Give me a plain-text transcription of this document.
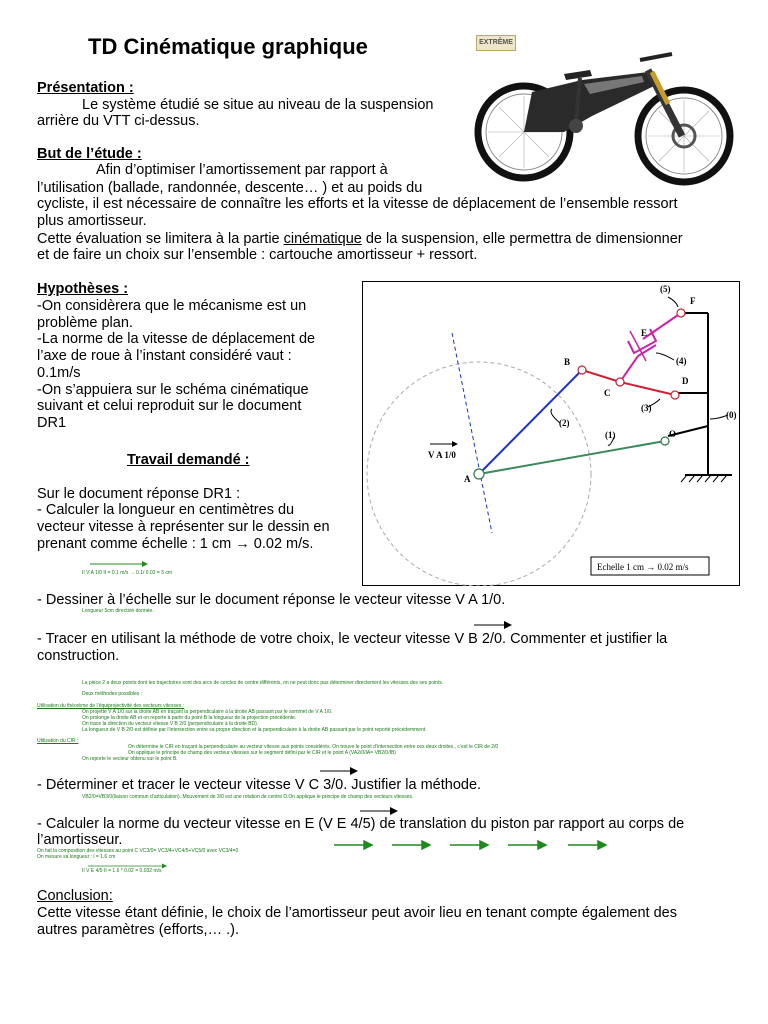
TD Cinématique graphique	EXTRÊME
Présentation :
Le système étudié se situe au niveau de la suspension
arrière du VTT ci-dessus.
But de l’étude :
Afin d’optimiser l’amortissement par rapport à
l’utilisation (ballade, randonnée, descente… ) et au poids du
cycliste, il est nécessaire de connaître les efforts et la vitesse de déplacement de l’ensemble ressort
plus amortisseur.
Cette évaluation se limitera à la partie cinématique de la suspension, elle permettra de dimensionner
et de faire un choix sur l’ensemble : cartouche amortisseur + ressort.
Hypothèses :
-On considèrera que le mécanisme est un
problème plan.
-La norme de la vitesse de déplacement de
l’axe de roue à l’instant considéré vaut :
0.1m/s
-On s’appuiera sur le schéma cinématique
suivant et celui reproduit sur le document
DR1
Travail demandé :
Sur le document réponse DR1 :
- Calculer la longueur en centimètres du
vecteur vitesse à représenter sur le dessin en
prenant comme échelle : 1 cm → 0.02 m/s.
II V A 1/0 II = 0.1 m/s → 0.1/ 0.02 = 5 cm
- Dessiner à l’échelle sur le document réponse le vecteur vitesse V A 1/0.
Longueur 5cm direction donnée.
- Tracer en utilisant la méthode de votre choix, le vecteur vitesse V B 2/0. Commenter et justifier la
construction.
La pièce 2 a deux points dont les trajectoires sont des arcs de cercles de centre différents, on ne peut donc pas déterminer directement les vitesses des ses points.
Deux méthodes possibles :
Utilisation du théorème de l’équiprojectivité des vecteurs vitesses :
On projette V A 1/0 sur la droite AB en traçant la perpendiculaire à la droite AB passant par le sommet de V A 1/0.
On prolonge la droite AB et on reporte à partir du point B la longueur de la projection précédente.
On trace la direction du vecteur vitesse V B 2/0 (perpendiculaire à la droite BD).
La longueur de V B 2/0 est définie par l’intersection entre sa propre direction et la perpendiculaire à la droite AB passant par le point reporté précédemment.
Utilisation du CIR :
On détermine le CIR en traçant la perpendiculaire au vecteur vitesse aux points considérés. On trouve le point d’intersection entre ces deux droites., c’est le CIR de 2/0
On applique le principe de champ des vecteur vitesses sur le segment défini par le CIR et le point A (VA2/0/IA= VB2/0/IB)
On reporte le vecteur obtenu sur le point B.
- Déterminer et tracer le vecteur vitesse V C 3/0. Justifier la méthode.
VB2/0=VB3/0(liaison commun d’articulation). Mouvement de 3/0 est une rotation de centre D.On applique le principe de champ des vecteurs vitesses.
- Calculer la norme du vecteur vitesse en E (V E 4/5) de translation du piston par rapport au corps de
l’amortisseur.
On fait la composition des vitesses au point C VC3/0= VC3/4+VC4/5+VC5/0 avec VC3/4=0
On mesure sa longueur : l = 1.6 cm
II V E 4/5 II = 1.6 * 0.02 = 0.032 m/s
Conclusion:
Cette vitesse étant définie, le choix de l’amortisseur peut avoir lieu en tenant compte également des
autres paramètres (efforts,… .).
(5)
F
E
(4)
B
C
D
(3)
(0)
(2)
(1)	O
A
V A 1/0
Echelle 1 cm → 0.02 m/s
